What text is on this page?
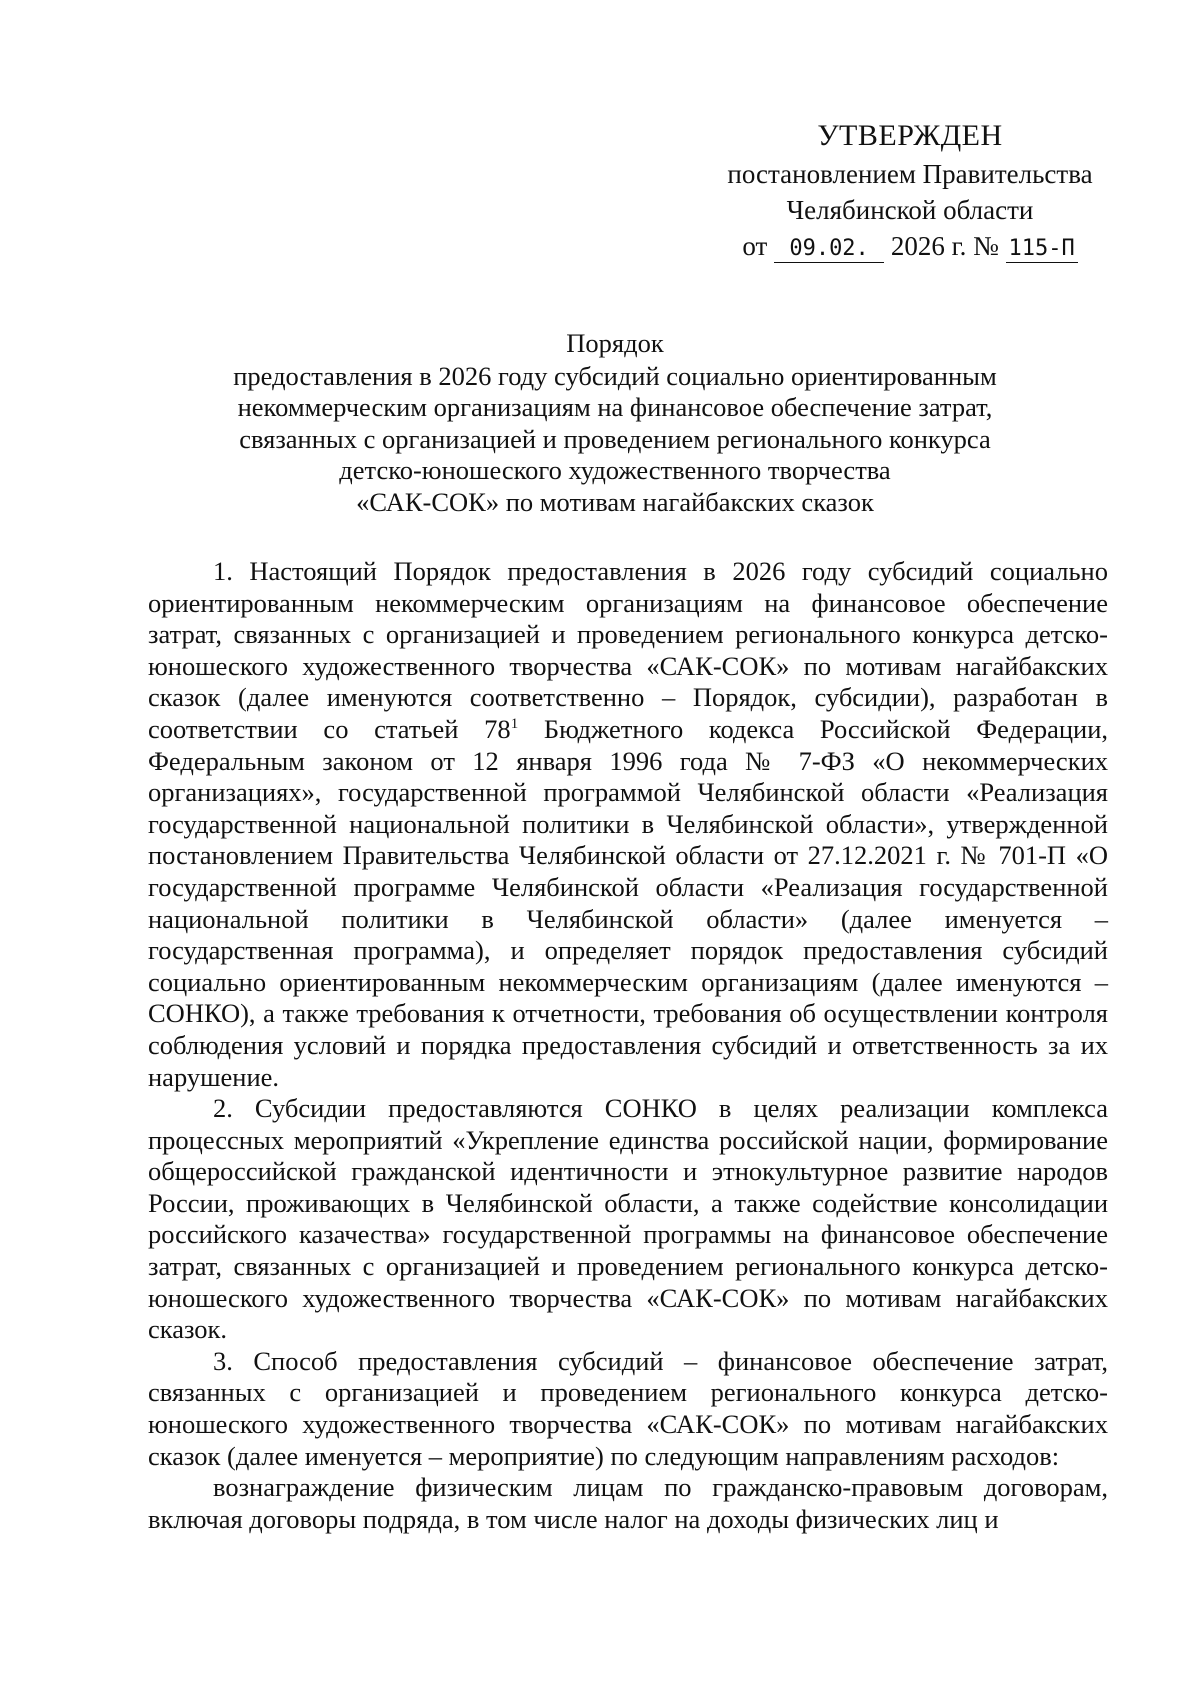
УТВЕРЖДЕН
постановлением Правительства
Челябинской области
от 09.02. 2026 г. № 115-П
Порядок
предоставления в 2026 году субсидий социально ориентированным
некоммерческим организациям на финансовое обеспечение затрат,
связанных с организацией и проведением регионального конкурса
детско-юношеского художественного творчества
«САК-СОК» по мотивам нагайбакских сказок

1. Настоящий Порядок предоставления в 2026 году субсидий социально ориентированным некоммерческим организациям на финансовое обеспечение затрат, связанных с организацией и проведением регионального конкурса детско-юношеского художественного творчества «САК-СОК» по мотивам нагайбакских сказок (далее именуются соответственно – Порядок, субсидии), разработан в соответствии со статьей $78^1$ Бюджетного кодекса Российской Федерации, Федеральным законом от 12 января 1996 года № 7-ФЗ «О некоммерческих организациях», государственной программой Челябинской области «Реализация государственной национальной политики в Челябинской области», утвержденной постановлением Правительства Челябинской области от 27.12.2021 г. № 701-П «О государственной программе Челябинской области «Реализация государственной национальной политики в Челябинской области» (далее именуется – государственная программа), и определяет порядок предоставления субсидий социально ориентированным некоммерческим организациям (далее именуются – СОНКО), а также требования к отчетности, требования об осуществлении контроля соблюдения условий и порядка предоставления субсидий и ответственность за их нарушение.

2. Субсидии предоставляются СОНКО в целях реализации комплекса процессных мероприятий «Укрепление единства российской нации, формирование общероссийской гражданской идентичности и этнокультурное развитие народов России, проживающих в Челябинской области, а также содействие консолидации российского казачества» государственной программы на финансовое обеспечение затрат, связанных с организацией и проведением регионального конкурса детско-юношеского художественного творчества «САК-СОК» по мотивам нагайбакских сказок.

3. Способ предоставления субсидий – финансовое обеспечение затрат, связанных с организацией и проведением регионального конкурса детско-юношеского художественного творчества «САК-СОК» по мотивам нагайбакских сказок (далее именуется – мероприятие) по следующим направлениям расходов:

вознаграждение физическим лицам по гражданско-правовым договорам, включая договоры подряда, в том числе налог на доходы физических лиц и
